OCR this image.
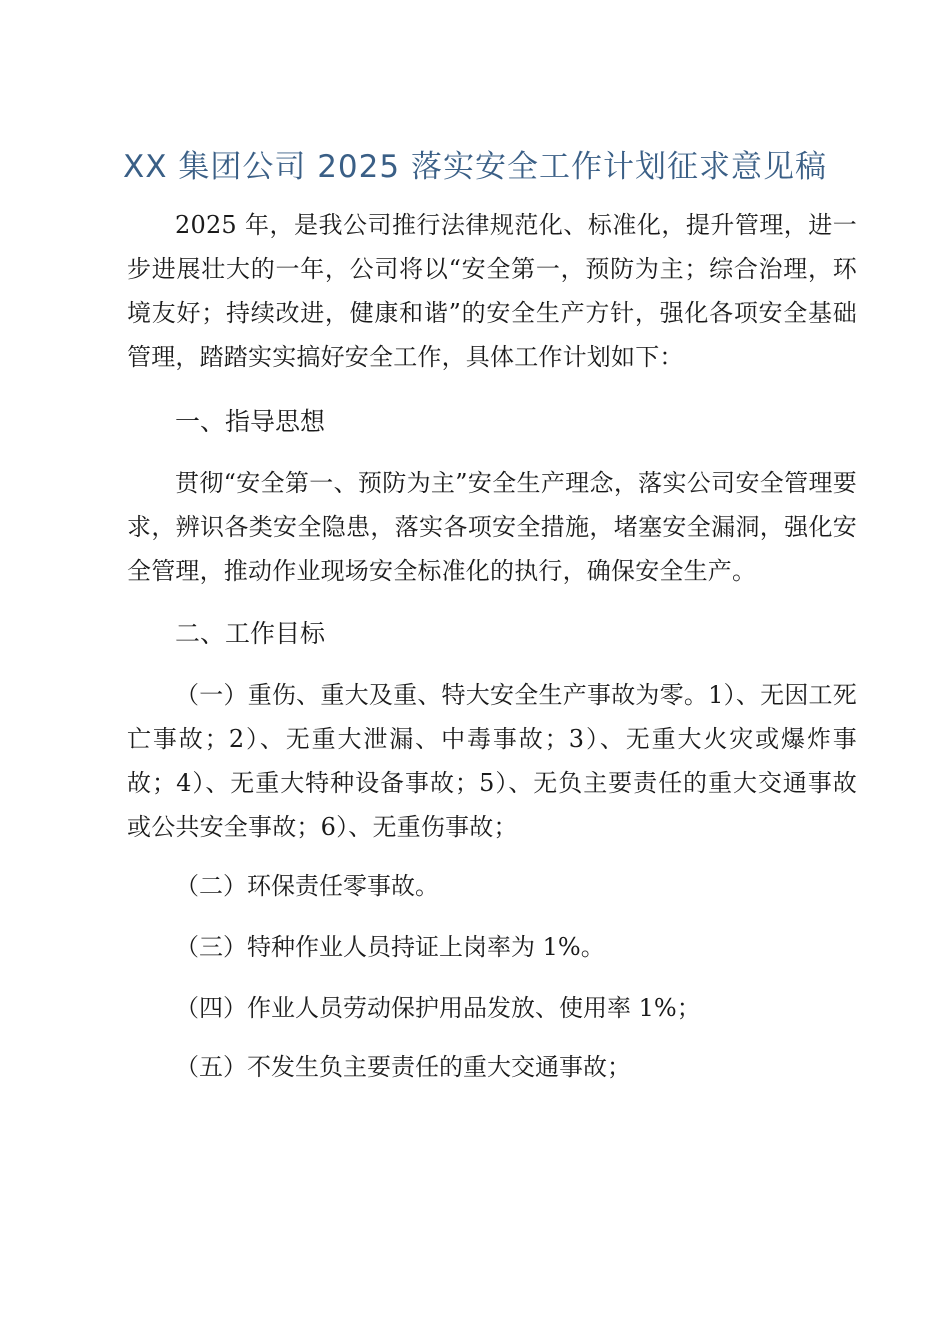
XX 集团公司 2025 落实安全工作计划征求意见稿
2025 年，是我公司推行法律规范化、标准化，提升管理，进一步进展壮大的一年，公司将以“安全第一，预防为主；综合治理，环境友好；持续改进，健康和谐”的安全生产方针，强化各项安全基础管理，踏踏实实搞好安全工作，具体工作计划如下：
一、指导思想
贯彻“安全第一、预防为主”安全生产理念，落实公司安全管理要求，辨识各类安全隐患，落实各项安全措施，堵塞安全漏洞，强化安全管理，推动作业现场安全标准化的执行，确保安全生产。
二、工作目标
（一）重伤、重大及重、特大安全生产事故为零。1）、无因工死亡事故；2）、无重大泄漏、中毒事故；3）、无重大火灾或爆炸事故；4）、无重大特种设备事故；5）、无负主要责任的重大交通事故或公共安全事故；6）、无重伤事故；
（二）环保责任零事故。
（三）特种作业人员持证上岗率为 1%。
（四）作业人员劳动保护用品发放、使用率 1%；
（五）不发生负主要责任的重大交通事故；
